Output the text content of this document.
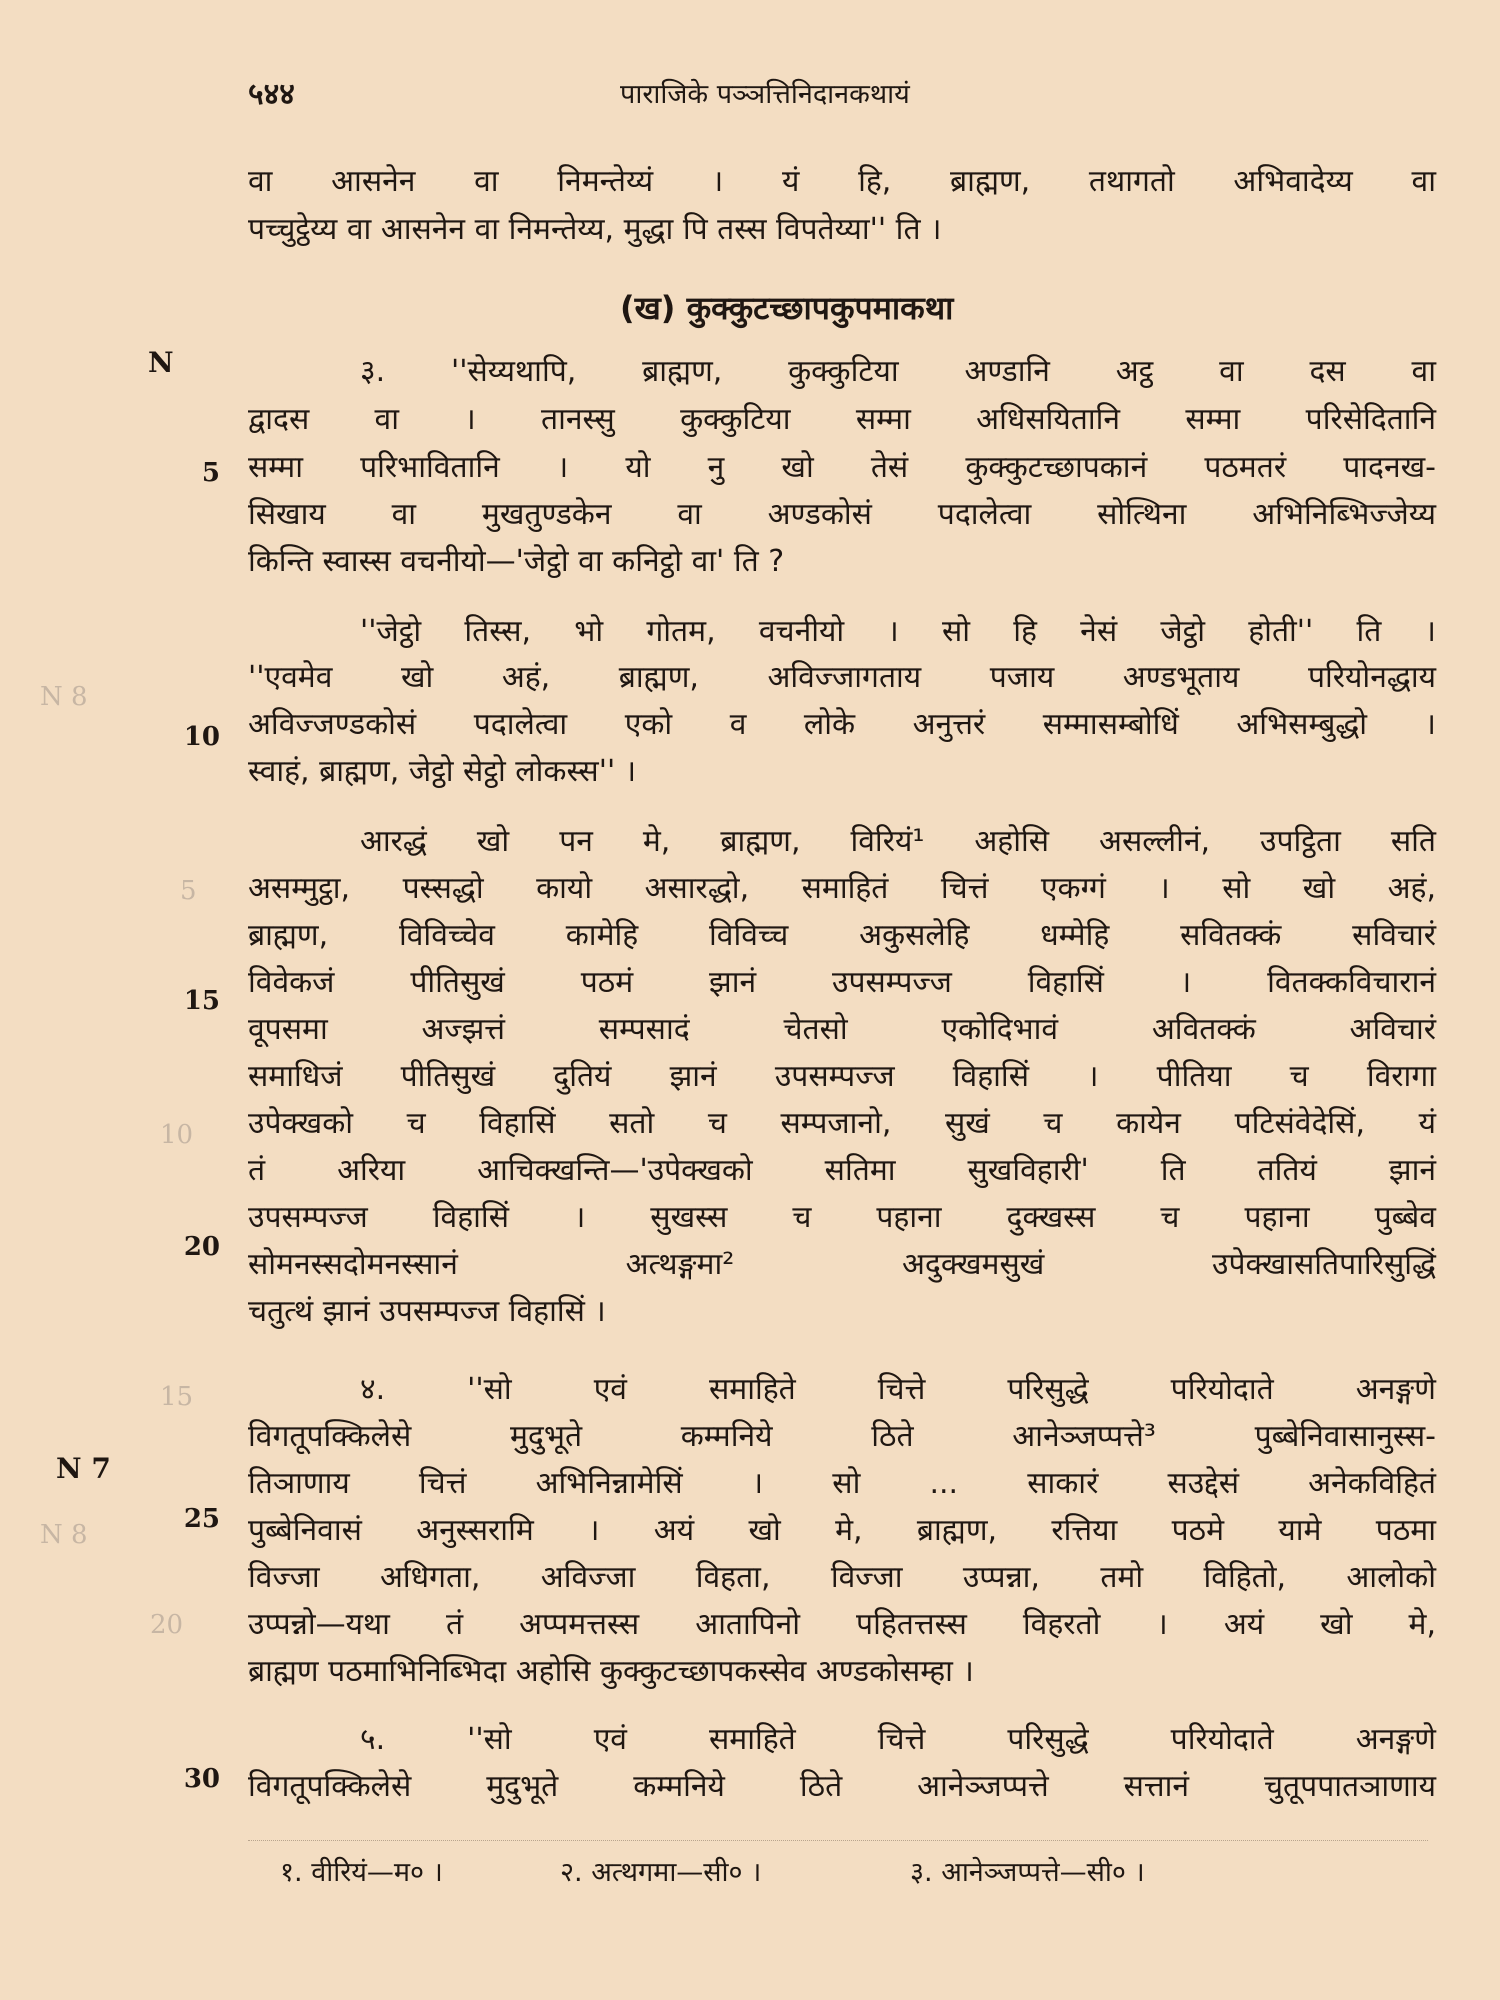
५४४	पाराजिके पञ्ञत्तिनिदानकथायं
वा आसनेन वा निमन्तेय्यं । यं हि, ब्राह्मण, तथागतो अभिवादेय्य वा
पच्चुट्ठेय्य वा आसनेन वा निमन्तेय्य, मुद्धा पि तस्स विपतेय्या'' ति ।
(ख) कुक्कुटच्छापकुपमाकथा
३. ''सेय्यथापि, ब्राह्मण, कुक्कुटिया अण्डानि अट्ठ वा दस वा
द्वादस वा । तानस्सु कुक्कुटिया सम्मा अधिसयितानि सम्मा परिसेदितानि
सम्मा परिभावितानि । यो नु खो तेसं कुक्कुटच्छापकानं पठमतरं पादनख-
सिखाय वा मुखतुण्डकेन वा अण्डकोसं पदालेत्वा सोत्थिना अभिनिब्भिज्जेय्य
किन्ति स्वास्स वचनीयो—'जेट्ठो वा कनिट्ठो वा' ति ?
''जेट्ठो तिस्स, भो गोतम, वचनीयो । सो हि नेसं जेट्ठो होती'' ति ।
''एवमेव खो अहं, ब्राह्मण, अविज्जागताय पजाय अण्डभूताय परियोनद्धाय
अविज्जण्डकोसं पदालेत्वा एको व लोके अनुत्तरं सम्मासम्बोधिं अभिसम्बुद्धो ।
स्वाहं, ब्राह्मण, जेट्ठो सेट्ठो लोकस्स'' ।
आरद्धं खो पन मे, ब्राह्मण, विरियं¹ अहोसि असल्लीनं, उपट्ठिता सति
असम्मुट्ठा, पस्सद्धो कायो असारद्धो, समाहितं चित्तं एकग्गं । सो खो अहं,
ब्राह्मण, विविच्चेव कामेहि विविच्च अकुसलेहि धम्मेहि सवितक्कं सविचारं
विवेकजं पीतिसुखं पठमं झानं उपसम्पज्ज विहासिं । वितक्कविचारानं
वूपसमा अज्झत्तं सम्पसादं चेतसो एकोदिभावं अवितक्कं अविचारं
समाधिजं पीतिसुखं दुतियं झानं उपसम्पज्ज विहासिं । पीतिया च विरागा
उपेक्खको च विहासिं सतो च सम्पजानो, सुखं च कायेन पटिसंवेदेसिं, यं
तं अरिया आचिक्खन्ति—'उपेक्खको सतिमा सुखविहारी' ति ततियं झानं
उपसम्पज्ज विहासिं । सुखस्स च पहाना दुक्खस्स च पहाना पुब्बेव
सोमनस्सदोमनस्सानं अत्थङ्गमा² अदुक्खमसुखं उपेक्खासतिपारिसुद्धिं
चतुत्थं झानं उपसम्पज्ज विहासिं ।
४. ''सो एवं समाहिते चित्ते परिसुद्धे परियोदाते अनङ्गणे
विगतूपक्किलेसे मुदुभूते कम्मनिये ठिते आनेञ्जप्पत्ते³ पुब्बेनिवासानुस्स-
तिञाणाय चित्तं अभिनिन्नामेसिं । सो ... साकारं सउद्देसं अनेकविहितं
पुब्बेनिवासं अनुस्सरामि । अयं खो मे, ब्राह्मण, रत्तिया पठमे यामे पठमा
विज्जा अधिगता, अविज्जा विहता, विज्जा उप्पन्ना, तमो विहितो, आलोको
उप्पन्नो—यथा तं अप्पमत्तस्स आतापिनो पहितत्तस्स विहरतो । अयं खो मे,
ब्राह्मण पठमाभिनिब्भिदा अहोसि कुक्कुटच्छापकस्सेव अण्डकोसम्हा ।
५. ''सो एवं समाहिते चित्ते परिसुद्धे परियोदाते अनङ्गणे
विगतूपक्किलेसे मुदुभूते कम्मनिये ठिते आनेञ्जप्पत्ते सत्तानं चुतूपपातञाणाय
5
10
15
20
25
30
N
N 7
N 8
5
10
15
N 8
20
१. वीरियं—म० ।	२. अत्थगमा—सी० ।	३. आनेञ्जप्पत्ते—सी० ।
